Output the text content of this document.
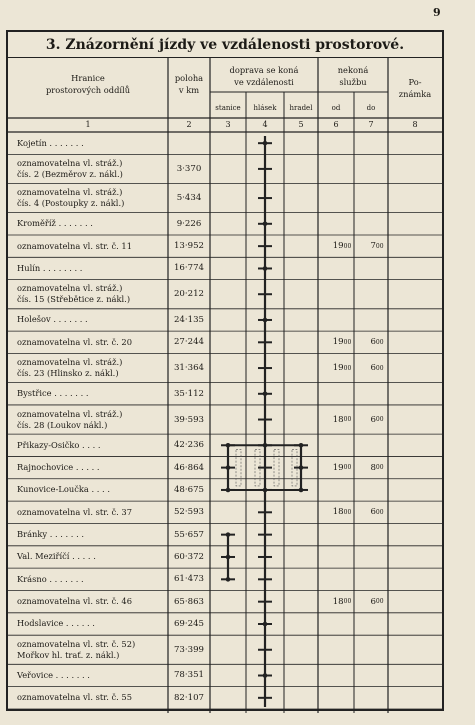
9
3. Znázornění jízdy ve vzdálenosti prostorové.
Hranice
prostorových oddílů
poloha
v km
doprava se koná
ve vzdálenosti
stanice	hlásek	hradel
nekoná
službu
od	do
Po-
známka
1	2	3	4	5	6	7	8
Kojetín . . . . . . .
oznamovatelna vl. stráž.)
čís. 2 (Bezměrov z. nákl.)	3·370
oznamovatelna vl. stráž.)
čís. 4 (Postoupky z. nákl.)	5·434
Kroměříž . . . . . . .	9·226
oznamovatelna vl. str. č. 11	13·952	19 00	7 00
Hulín . . . . . . . .	16·774
oznamovatelna vl. stráž.)
čís. 15 (Střebětice z. nákl.)	20·212
Holešov . . . . . . .	24·135
oznamovatelna vl. str. č. 20	27·244	19 00	6 00
oznamovatelna vl. stráž.)
čís. 23 (Hlinsko z. nákl.)	31·364	19 00	6 00
Bystřice . . . . . . .	35·112
oznamovatelna vl. stráž.)
čís. 28 (Loukov nákl.)	39·593	18 00	6 00
Přikazy-Osičko . . . .	42·236
Rajnochovice . . . . .	46·864	19 00	8 00
Kunovice-Loučka . . . .	48·675
oznamovatelna vl. str. č. 37	52·593	18 00	6 00
Bránky . . . . . . .	55·657
Val. Meziříčí . . . . .	60·372
Krásno . . . . . . .	61·473
oznamovatelna vl. str. č. 46	65·863	18 00	6 00
Hodslavice . . . . . .	69·245
oznamovatelna vl. str. č. 52)
Mořkov hl. trať. z. nákl.)	73·399
Veřovice . . . . . . .	78·351
oznamovatelna vl. str. č. 55	82·107
